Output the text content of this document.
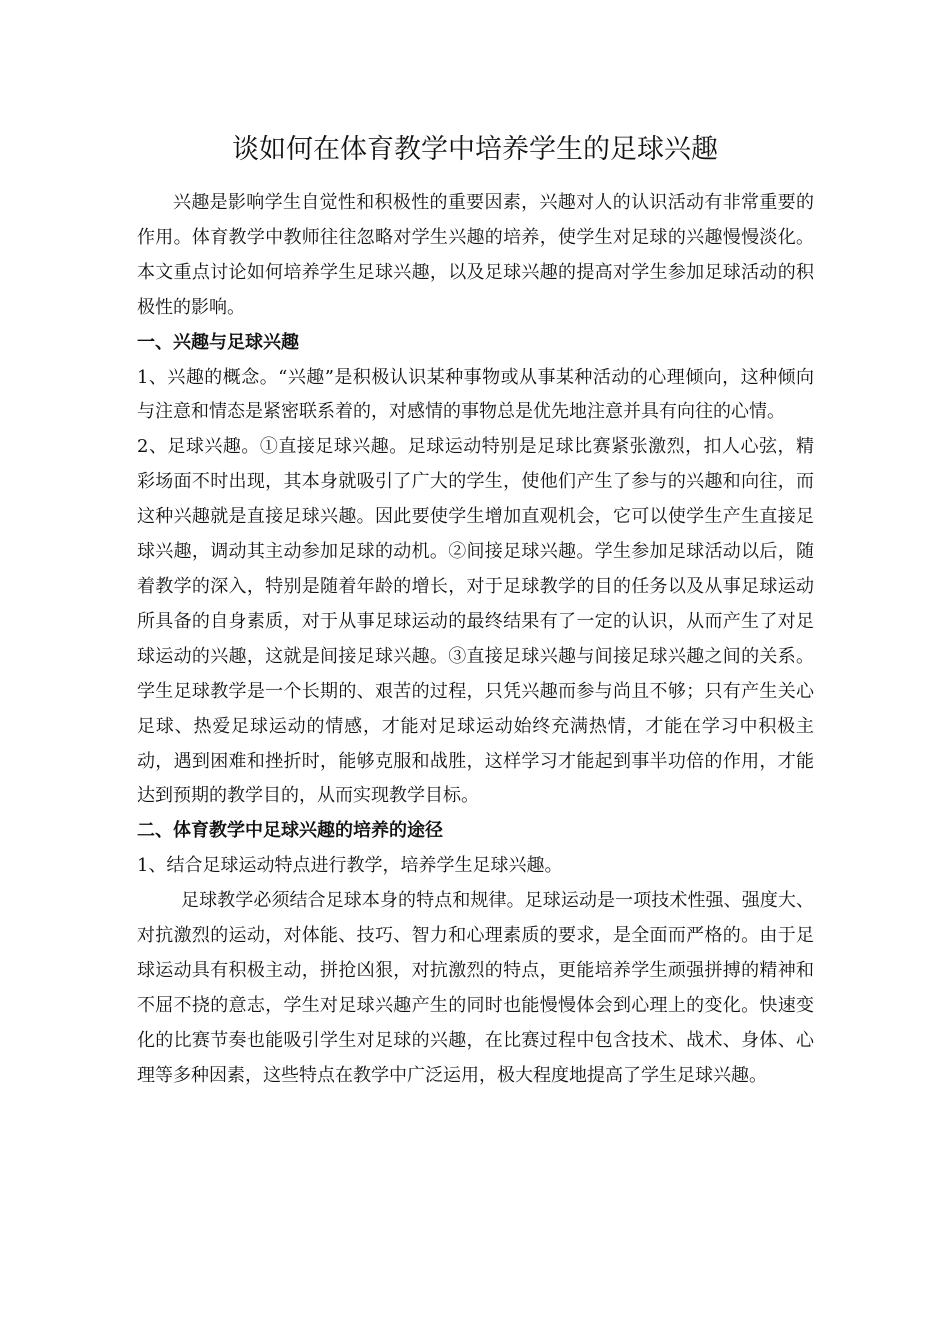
谈如何在体育教学中培养学生的足球兴趣

兴趣是影响学生自觉性和积极性的重要因素，兴趣对人的认识活动有非常重要的作用。体育教学中教师往往忽略对学生兴趣的培养，使学生对足球的兴趣慢慢淡化。本文重点讨论如何培养学生足球兴趣，以及足球兴趣的提高对学生参加足球活动的积极性的影响。

一、兴趣与足球兴趣

1、兴趣的概念。“兴趣”是积极认识某种事物或从事某种活动的心理倾向，这种倾向与注意和情态是紧密联系着的，对感情的事物总是优先地注意并具有向往的心情。

2、足球兴趣。①直接足球兴趣。足球运动特别是足球比赛紧张激烈，扣人心弦，精彩场面不时出现，其本身就吸引了广大的学生，使他们产生了参与的兴趣和向往，而这种兴趣就是直接足球兴趣。因此要使学生增加直观机会，它可以使学生产生直接足球兴趣，调动其主动参加足球的动机。②间接足球兴趣。学生参加足球活动以后，随着教学的深入，特别是随着年龄的增长，对于足球教学的目的任务以及从事足球运动所具备的自身素质，对于从事足球运动的最终结果有了一定的认识，从而产生了对足球运动的兴趣，这就是间接足球兴趣。③直接足球兴趣与间接足球兴趣之间的关系。学生足球教学是一个长期的、艰苦的过程，只凭兴趣而参与尚且不够；只有产生关心足球、热爱足球运动的情感，才能对足球运动始终充满热情，才能在学习中积极主动，遇到困难和挫折时，能够克服和战胜，这样学习才能起到事半功倍的作用，才能达到预期的教学目的，从而实现教学目标。

二、体育教学中足球兴趣的培养的途径

1、结合足球运动特点进行教学，培养学生足球兴趣。

足球教学必须结合足球本身的特点和规律。足球运动是一项技术性强、强度大、对抗激烈的运动，对体能、技巧、智力和心理素质的要求，是全面而严格的。由于足球运动具有积极主动，拼抢凶狠，对抗激烈的特点，更能培养学生顽强拼搏的精神和不屈不挠的意志，学生对足球兴趣产生的同时也能慢慢体会到心理上的变化。快速变化的比赛节奏也能吸引学生对足球的兴趣，在比赛过程中包含技术、战术、身体、心理等多种因素，这些特点在教学中广泛运用，极大程度地提高了学生足球兴趣。
